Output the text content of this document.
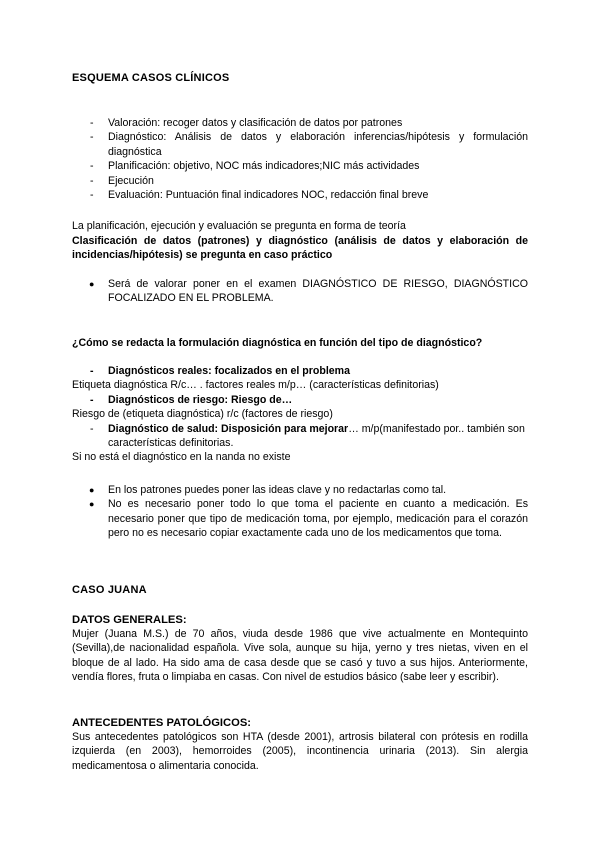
ESQUEMA CASOS CLÍNICOS
- Valoración: recoger datos y clasificación de datos por patrones
- Diagnóstico: Análisis de datos y elaboración inferencias/hipótesis y formulación diagnóstica
- Planificación: objetivo, NOC más indicadores;NIC más actividades
- Ejecución
- Evaluación: Puntuación final indicadores NOC, redacción final breve
La planificación, ejecución y evaluación se pregunta en forma de teoría
Clasificación de datos (patrones) y diagnóstico (análisis de datos y elaboración de incidencias/hipótesis) se pregunta en caso práctico
● Será de valorar poner en el examen DIAGNÓSTICO DE RIESGO, DIAGNÓSTICO FOCALIZADO EN EL PROBLEMA.
¿Cómo se redacta la formulación diagnóstica en función del tipo de diagnóstico?
- Diagnósticos reales: focalizados en el problema
Etiqueta diagnóstica R/c… . factores reales m/p… (características definitorias)
- Diagnósticos de riesgo: Riesgo de…
Riesgo de (etiqueta diagnóstica) r/c (factores de riesgo)
- Diagnóstico de salud: Disposición para mejorar… m/p(manifestado por.. también son características definitorias.
Si no está el diagnóstico en la nanda no existe
● En los patrones puedes poner las ideas clave y no redactarlas como tal.
● No es necesario poner todo lo que toma el paciente en cuanto a medicación. Es necesario poner que tipo de medicación toma, por ejemplo, medicación para el corazón pero no es necesario copiar exactamente cada uno de los medicamentos que toma.
CASO JUANA
DATOS GENERALES:
Mujer (Juana M.S.) de 70 años, viuda desde 1986 que vive actualmente en Montequinto (Sevilla),de nacionalidad española. Vive sola, aunque su hija, yerno y tres nietas, viven en el bloque de al lado. Ha sido ama de casa desde que se casó y tuvo a sus hijos. Anteriormente, vendía flores, fruta o limpiaba en casas. Con nivel de estudios básico (sabe leer y escribir).
ANTECEDENTES PATOLÓGICOS:
Sus antecedentes patológicos son HTA (desde 2001), artrosis bilateral con prótesis en rodilla izquierda (en 2003), hemorroides (2005), incontinencia urinaria (2013). Sin alergia medicamentosa o alimentaria conocida.
